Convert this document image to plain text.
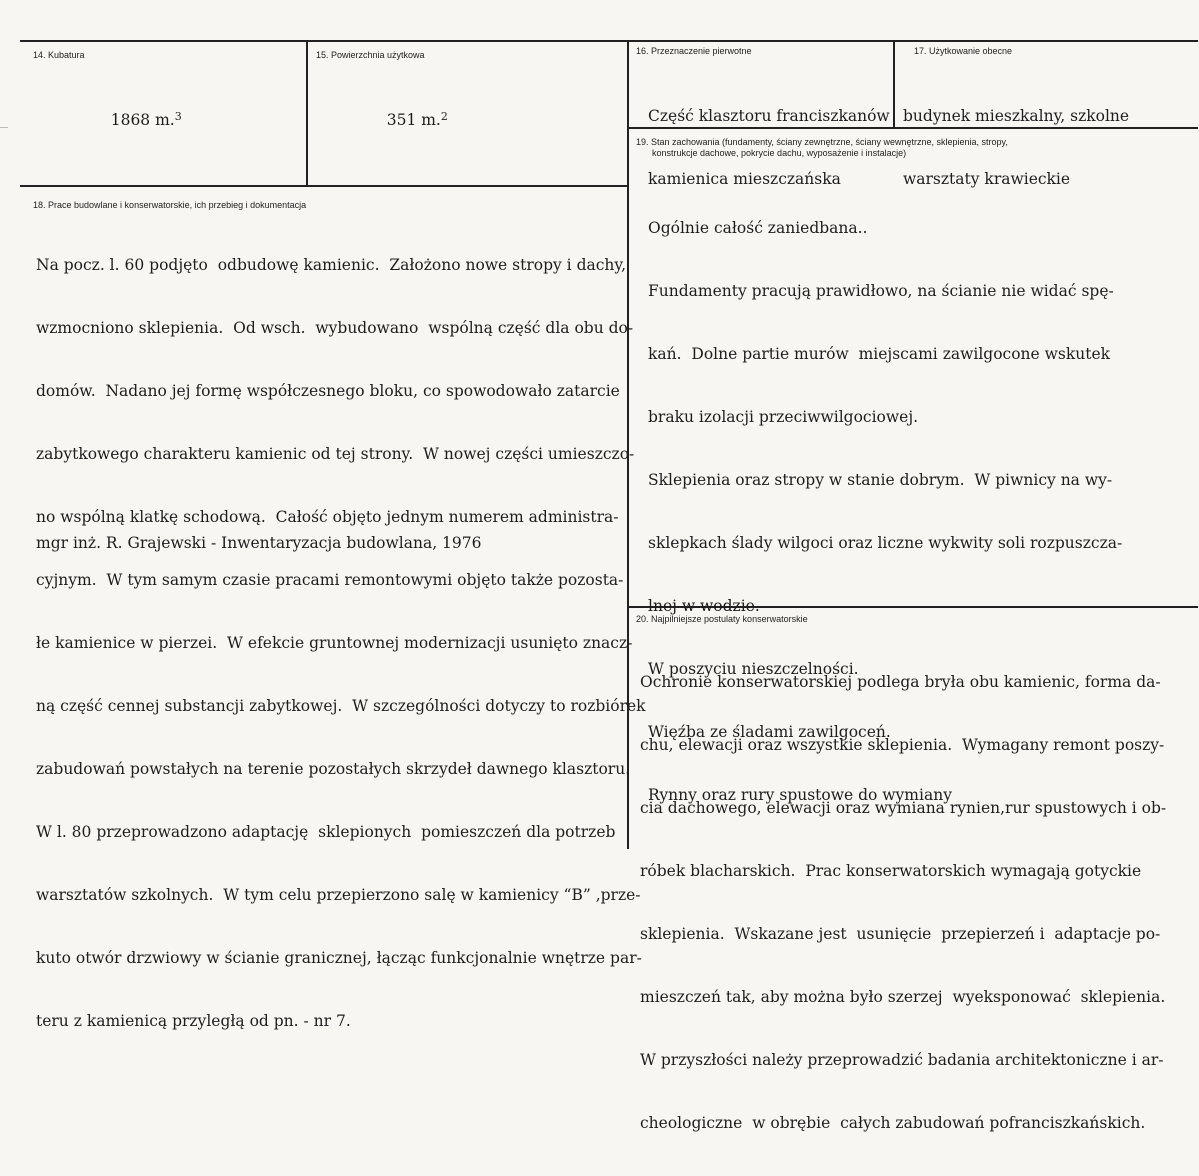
14. Kubatura

1868 m.$^3$

15. Powierzchnia użytkowa

351 m.$^2$

16. Przeznaczenie pierwotne

Część klasztoru franciszkanów

kamienica mieszczańska

17. Użytkowanie obecne

budynek mieszkalny, szkolne

warsztaty krawieckie

18. Prace budowlane i konserwatorskie, ich przebieg i dokumentacja

Na pocz. l. 60 podjęto  odbudowę kamienic.  Założono nowe stropy i dachy,

wzmocniono sklepienia.  Od wsch.  wybudowano  wspólną część dla obu do-

domów.  Nadano jej formę współczesnego bloku, co spowodowało zatarcie

zabytkowego charakteru kamienic od tej strony.  W nowej części umieszczo-

no wspólną klatkę schodową.  Całość objęto jednym numerem administra-

cyjnym.  W tym samym czasie pracami remontowymi objęto także pozosta-

łe kamienice w pierzei.  W efekcie gruntownej modernizacji usunięto znacz-

ną część cennej substancji zabytkowej.  W szczególności dotyczy to rozbiórek

zabudowań powstałych na terenie pozostałych skrzydeł dawnego klasztoru.

W l. 80 przeprowadzono adaptację  sklepionych  pomieszczeń dla potrzeb

warsztatów szkolnych.  W tym celu przepierzono salę w kamienicy “B” ,prze-

kuto otwór drzwiowy w ścianie granicznej, łącząc funkcjonalnie wnętrze par-

teru z kamienicą przyległą od pn. - nr 7.

mgr inż. R. Grajewski - Inwentaryzacja budowlana, 1976
19. Stan zachowania (fundamenty, ściany zewnętrzne, ściany wewnętrzne, sklepienia, stropy,
konstrukcje dachowe, pokrycie dachu, wyposażenie i instalacje)

Ogólnie całość zaniedbana..

Fundamenty pracują prawidłowo, na ścianie nie widać spę-

kań.  Dolne partie murów  miejscami zawilgocone wskutek

braku izolacji przeciwwilgociowej.

Sklepienia oraz stropy w stanie dobrym.  W piwnicy na wy-

sklepkach ślady wilgoci oraz liczne wykwity soli rozpuszcza-

lnej w wodzie.

W poszyciu nieszczelności.

Więźba ze śladami zawilgoceń.

Rynny oraz rury spustowe do wymiany

20. Najpilniejsze postulaty konserwatorskie

Ochronie konserwatorskiej podlega bryła obu kamienic, forma da-

chu, elewacji oraz wszystkie sklepienia.  Wymagany remont poszy-

cia dachowego, elewacji oraz wymiana rynien,rur spustowych i ob-

róbek blacharskich.  Prac konserwatorskich wymagają gotyckie

sklepienia.  Wskazane jest  usunięcie  przepierzeń i  adaptacje po-

mieszczeń tak, aby można było szerzej  wyeksponować  sklepienia.

W przyszłości należy przeprowadzić badania architektoniczne i ar-

cheologiczne  w obrębie  całych zabudowań pofranciszkańskich.
